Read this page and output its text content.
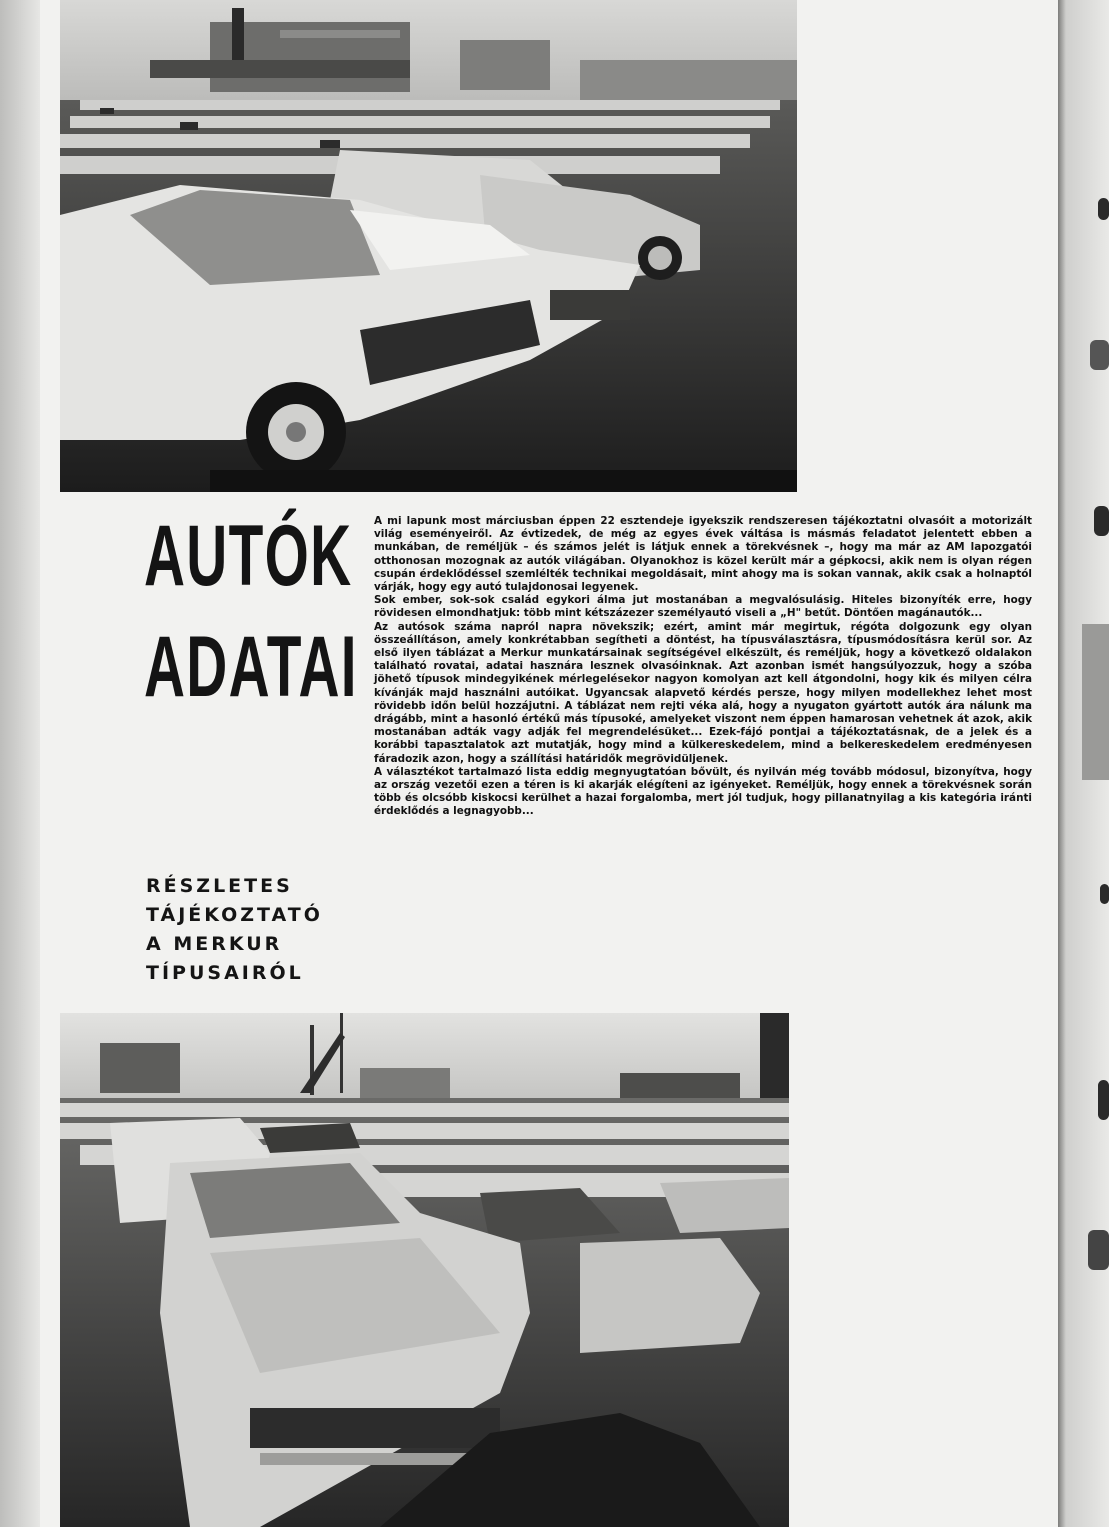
AUTÓK
ADATAI
RÉSZLETES
TÁJÉKOZTATÓ
A MERKUR
TÍPUSAIRÓL

A mi lapunk most márciusban éppen 22 esztendeje igyekszik rendszeresen tájékoztatni olvasóit a motorizált világ eseményeiről. Az évtizedek, de még az egyes évek váltása is másmás feladatot jelentett ebben a munkában, de reméljük – és számos jelét is látjuk ennek a törekvésnek –, hogy ma már az AM lapozgatói otthonosan mozognak az autók világában. Olyanokhoz is közel került már a gépkocsi, akik nem is olyan régen csupán érdeklődéssel szemlélték technikai megoldásait, mint ahogy ma is sokan vannak, akik csak a holnaptól várják, hogy egy autó tulajdonosai legyenek.

Sok ember, sok-sok család egykori álma jut mostanában a megvalósulásig. Hiteles bizonyíték erre, hogy rövidesen elmondhatjuk: több mint kétszázezer személyautó viseli a „H" betűt. Döntően magánautók...

Az autósok száma napról napra növekszik; ezért, amint már megirtuk, régóta dolgozunk egy olyan összeállításon, amely konkrétabban segítheti a döntést, ha típusválasztásra, típusmódosításra kerül sor. Az első ilyen táblázat a Merkur munkatársainak segítségével elkészült, és reméljük, hogy a következő oldalakon található rovatai, adatai hasznára lesznek olvasóinknak. Azt azonban ismét hangsúlyozzuk, hogy a szóba jöhető típusok mindegyikének mérlegelésekor nagyon komolyan azt kell átgondolni, hogy kik és milyen célra kívánják majd használni autóikat. Ugyancsak alapvető kérdés persze, hogy milyen modellekhez lehet most rövidebb időn belül hozzájutni. A táblázat nem rejti véka alá, hogy a nyugaton gyártott autók ára nálunk ma drágább, mint a hasonló értékű más típusoké, amelyeket viszont nem éppen hamarosan vehetnek át azok, akik mostanában adták vagy adják fel megrendelésüket... Ezek-fájó pontjai a tájékoztatásnak, de a jelek és a korábbi tapasztalatok azt mutatják, hogy mind a külkereskedelem, mind a belkereskedelem eredményesen fáradozik azon, hogy a szállítási határidők megrövidüljenek.

A választékot tartalmazó lista eddig megnyugtatóan bővült, és nyilván még tovább módosul, bizonyítva, hogy az ország vezetői ezen a téren is ki akarják elégíteni az igényeket. Reméljük, hogy ennek a törekvésnek során több és olcsóbb kiskocsi kerülhet a hazai forgalomba, mert jól tudjuk, hogy pillanatnyilag a kis kategória iránti érdeklődés a legnagyobb...
